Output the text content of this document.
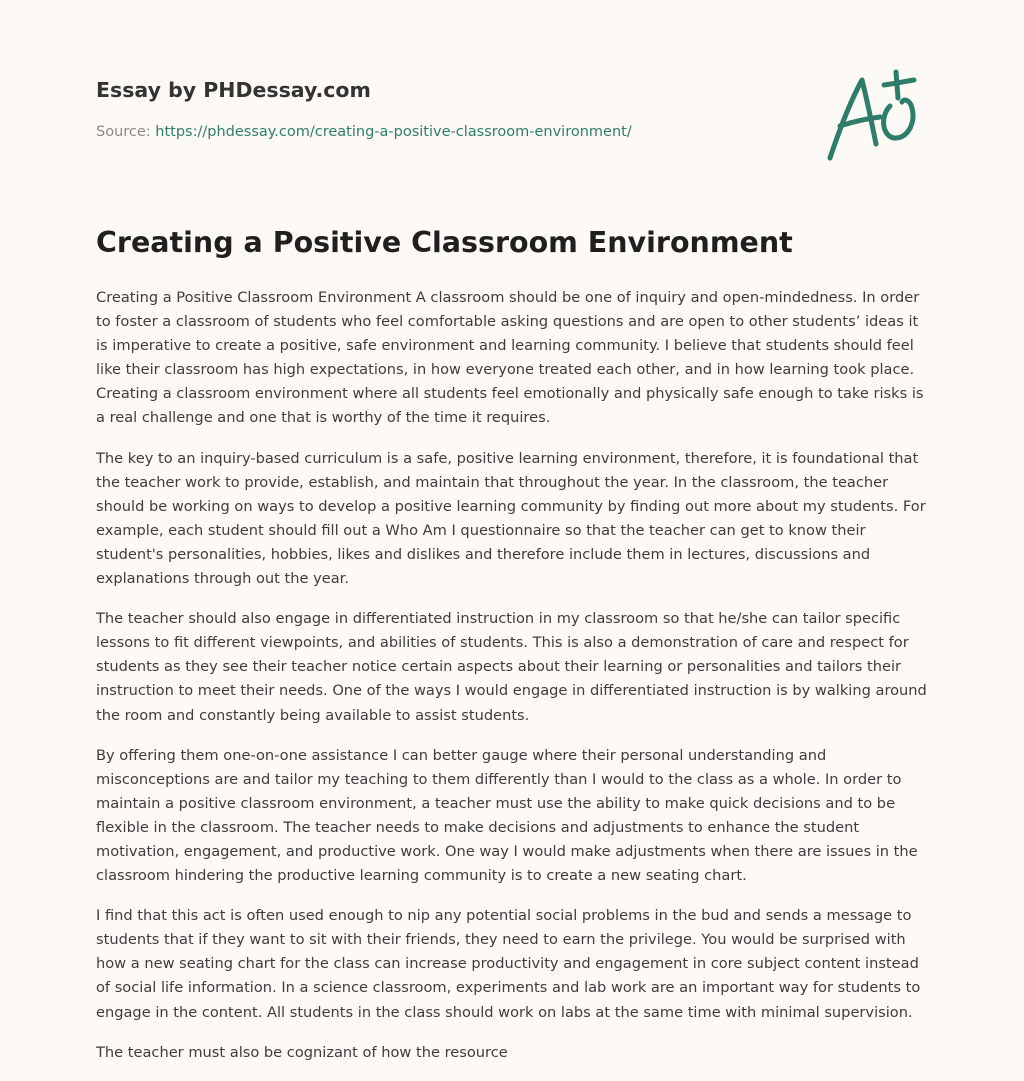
Essay by PHDessay.com
Source: https://phdessay.com/creating-a-positive-classroom-environment/
Creating a Positive Classroom Environment

Creating a Positive Classroom Environment A classroom should be one of inquiry and open-mindedness. In order to foster a classroom of students who feel comfortable asking questions and are open to other students’ ideas it is imperative to create a positive, safe environment and learning community. I believe that students should feel like their classroom has high expectations, in how everyone treated each other, and in how learning took place. Creating a classroom environment where all students feel emotionally and physically safe enough to take risks is a real challenge and one that is worthy of the time it requires.

The key to an inquiry-based curriculum is a safe, positive learning environment, therefore, it is foundational that the teacher work to provide, establish, and maintain that throughout the year. In the classroom, the teacher should be working on ways to develop a positive learning community by finding out more about my students. For example, each student should fill out a Who Am I questionnaire so that the teacher can get to know their student's personalities, hobbies, likes and dislikes and therefore include them in lectures, discussions and explanations through out the year.

The teacher should also engage in differentiated instruction in my classroom so that he/she can tailor specific lessons to fit different viewpoints, and abilities of students. This is also a demonstration of care and respect for students as they see their teacher notice certain aspects about their learning or personalities and tailors their instruction to meet their needs. One of the ways I would engage in differentiated instruction is by walking around the room and constantly being available to assist students.

By offering them one-on-one assistance I can better gauge where their personal understanding and misconceptions are and tailor my teaching to them differently than I would to the class as a whole. In order to maintain a positive classroom environment, a teacher must use the ability to make quick decisions and to be flexible in the classroom. The teacher needs to make decisions and adjustments to enhance the student motivation, engagement, and productive work. One way I would make adjustments when there are issues in the classroom hindering the productive learning community is to create a new seating chart.

I find that this act is often used enough to nip any potential social problems in the bud and sends a message to students that if they want to sit with their friends, they need to earn the privilege. You would be surprised with how a new seating chart for the class can increase productivity and engagement in core subject content instead of social life information. In a science classroom, experiments and lab work are an important way for students to engage in the content. All students in the class should work on labs at the same time with minimal supervision.

The teacher must also be cognizant of how the resource
